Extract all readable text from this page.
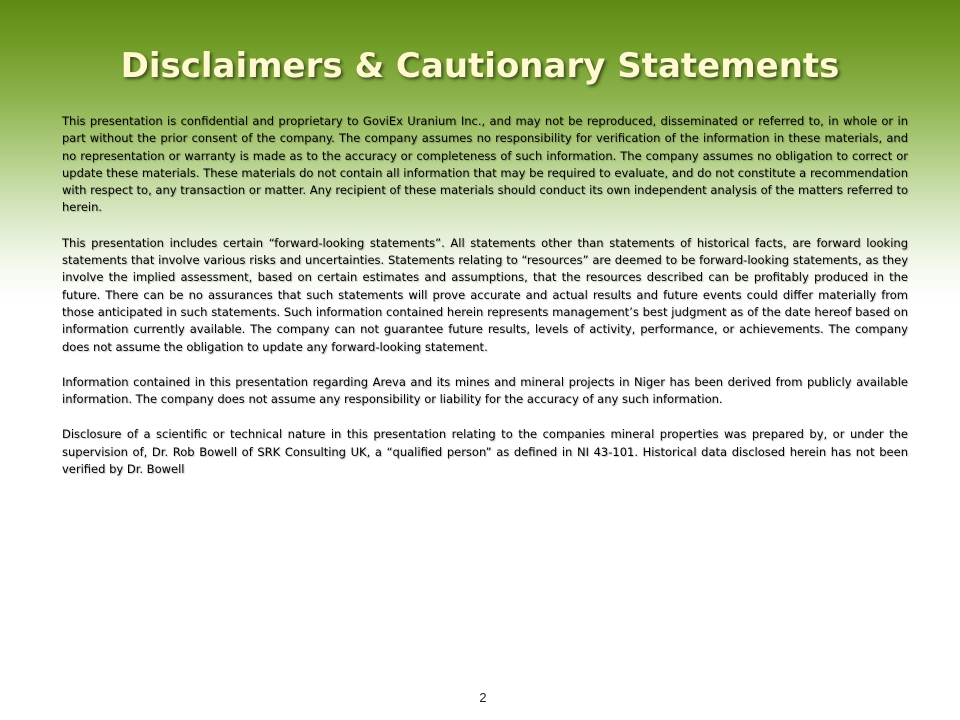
Disclaimers & Cautionary Statements

This presentation is confidential and proprietary to GoviEx Uranium Inc., and may not be reproduced, disseminated or referred to, in whole or in part without the prior consent of the company. The company assumes no responsibility for verification of the information in these materials, and no representation or warranty is made as to the accuracy or completeness of such information. The company assumes no obligation to correct or update these materials. These materials do not contain all information that may be required to evaluate, and do not constitute a recommendation with respect to, any transaction or matter. Any recipient of these materials should conduct its own independent analysis of the matters referred to herein.

This presentation includes certain “forward-looking statements”. All statements other than statements of historical facts, are forward looking statements that involve various risks and uncertainties. Statements relating to “resources” are deemed to be forward-looking statements, as they involve the implied assessment, based on certain estimates and assumptions, that the resources described can be profitably produced in the future. There can be no assurances that such statements will prove accurate and actual results and future events could differ materially from those anticipated in such statements. Such information contained herein represents management’s best judgment as of the date hereof based on information currently available. The company can not guarantee future results, levels of activity, performance, or achievements. The company does not assume the obligation to update any forward-looking statement.

Information contained in this presentation regarding Areva and its mines and mineral projects in Niger has been derived from publicly available information. The company does not assume any responsibility or liability for the accuracy of any such information.

Disclosure of a scientific or technical nature in this presentation relating to the companies mineral properties was prepared by, or under the supervision of, Dr. Rob Bowell of SRK Consulting UK, a “qualified person” as defined in NI 43-101. Historical data disclosed herein has not been verified by Dr. Bowell

2
